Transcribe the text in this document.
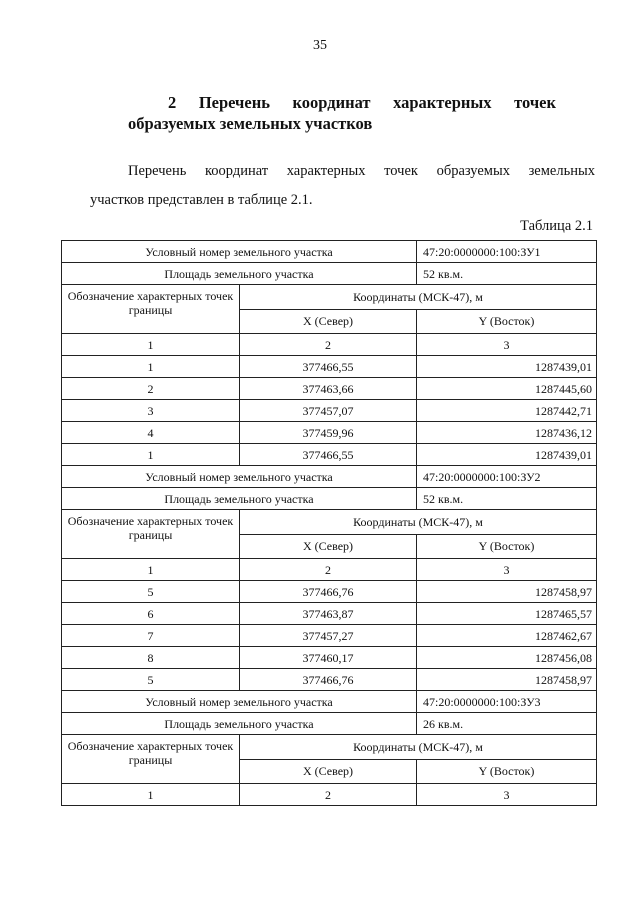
35
2 Перечень координат характерных точек
образуемых земельных участков
Перечень координат характерных точек образуемых земельных
участков представлен в таблице 2.1.
Таблица 2.1
Условный номер земельного участка		47:20:0000000:100:ЗУ1
Площадь земельного участка		52 кв.м.
Обозначение характерных точек границы	Координаты (МСК-47), м	
	X (Север)	Y (Восток)
1	2	3
1	377466,55	1287439,01
2	377463,66	1287445,60
3	377457,07	1287442,71
4	377459,96	1287436,12
1	377466,55	1287439,01
Условный номер земельного участка		47:20:0000000:100:ЗУ2
Площадь земельного участка		52 кв.м.
Обозначение характерных точек границы	Координаты (МСК-47), м	
	X (Север)	Y (Восток)
1	2	3
5	377466,76	1287458,97
6	377463,87	1287465,57
7	377457,27	1287462,67
8	377460,17	1287456,08
5	377466,76	1287458,97
Условный номер земельного участка		47:20:0000000:100:ЗУ3
Площадь земельного участка		26 кв.м.
Обозначение характерных точек границы	Координаты (МСК-47), м	
	X (Север)	Y (Восток)
1	2	3
